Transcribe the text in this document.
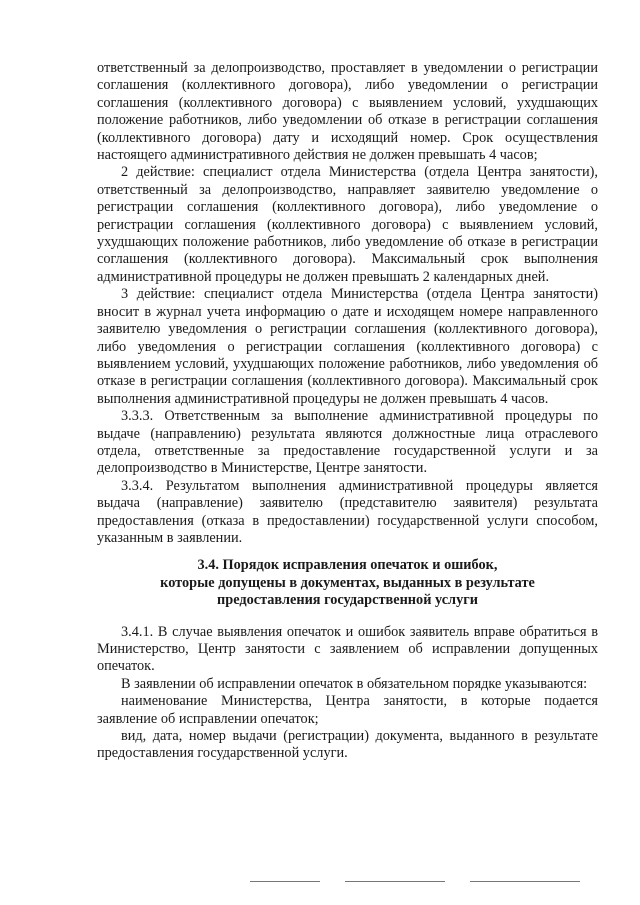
ответственный за делопроизводство, проставляет в уведомлении о регистрации соглашения (коллективного договора), либо уведомлении о регистрации соглашения (коллективного договора) с выявлением условий, ухудшающих положение работников, либо уведомлении об отказе в регистрации соглашения (коллективного договора) дату и исходящий номер. Срок осуществления настоящего административного действия не должен превышать 4 часов;

2 действие: специалист отдела Министерства (отдела Центра занятости), ответственный за делопроизводство, направляет заявителю уведомление о регистрации соглашения (коллективного договора), либо уведомление о регистрации соглашения (коллективного договора) с выявлением условий, ухудшающих положение работников, либо уведомление об отказе в регистрации соглашения (коллективного договора). Максимальный срок выполнения административной процедуры не должен превышать 2 календарных дней.

3 действие: специалист отдела Министерства (отдела Центра занятости) вносит в журнал учета информацию о дате и исходящем номере направленного заявителю уведомления о регистрации соглашения (коллективного договора), либо уведомления о регистрации соглашения (коллективного договора) с выявлением условий, ухудшающих положение работников, либо уведомления об отказе в регистрации соглашения (коллективного договора). Максимальный срок выполнения административной процедуры не должен превышать 4 часов.

3.3.3. Ответственным за выполнение административной процедуры по выдаче (направлению) результата являются должностные лица отраслевого отдела, ответственные за предоставление государственной услуги и за делопроизводство в Министерстве, Центре занятости.

3.3.4. Результатом выполнения административной процедуры является выдача (направление) заявителю (представителю заявителя) результата предоставления (отказа в предоставлении) государственной услуги способом, указанным в заявлении.

3.4. Порядок исправления опечаток и ошибок,
которые допущены в документах, выданных в результате
предоставления государственной услуги

3.4.1. В случае выявления опечаток и ошибок заявитель вправе обратиться в Министерство, Центр занятости с заявлением об исправлении допущенных опечаток.

В заявлении об исправлении опечаток в обязательном порядке указываются:

наименование Министерства, Центра занятости, в которые подается заявление об исправлении опечаток;

вид, дата, номер выдачи (регистрации) документа, выданного в результате предоставления государственной услуги.
